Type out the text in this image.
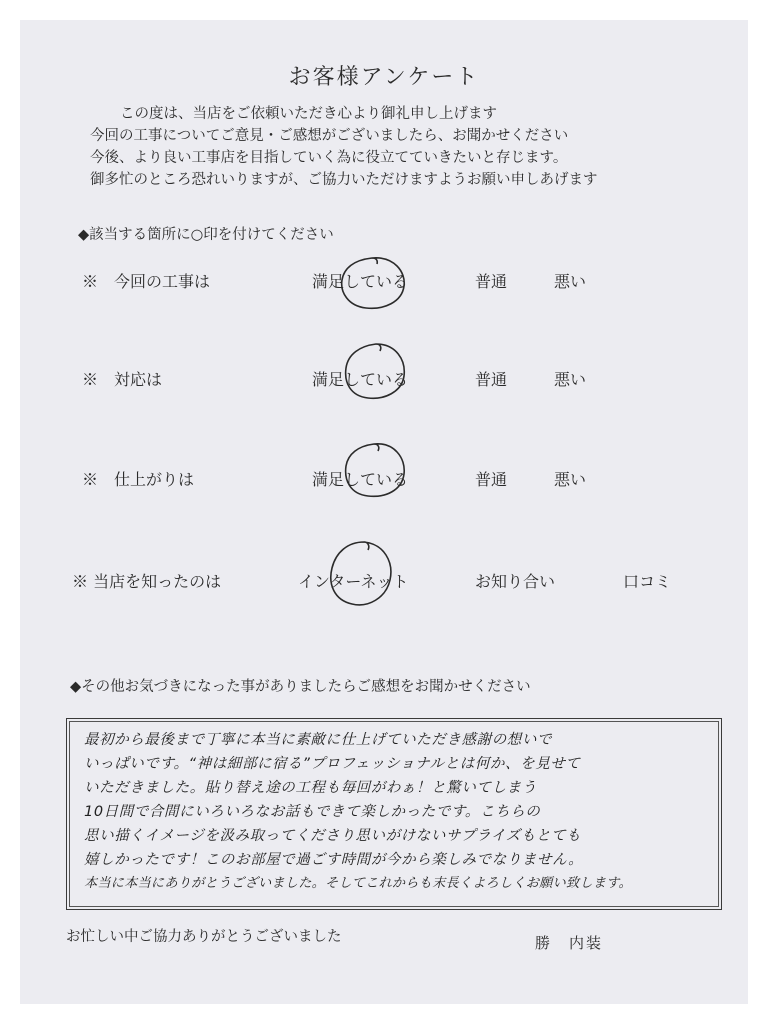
お客様アンケート
この度は、当店をご依頼いただき心より御礼申し上げます
今回の工事についてご意見・ご感想がございましたら、お聞かせください
今後、より良い工事店を目指していく為に役立てていきたいと存じます。
御多忙のところ恐れいりますが、ご協力いただけますようお願い申しあげます
◆該当する箇所に○印を付けてください
※　今回の工事は	満足している	普通	悪い
※　対応は	満足している	普通	悪い
※　仕上がりは	満足している	普通	悪い
※ 当店を知ったのは	インターネット	お知り合い	口コミ
◆その他お気づきになった事がありましたらご感想をお聞かせください
最初から最後まで丁寧に本当に素敵に仕上げていただき感謝の想いで
いっぱいです。“神は細部に宿る”プロフェッショナルとは何か、を見せて
いただきました。貼り替え途の工程も毎回がわぁ！と驚いてしまう
10日間で合間にいろいろなお話もできて楽しかったです。こちらの
思い描くイメージを汲み取ってくださり思いがけないサプライズもとても
嬉しかったです！このお部屋で過ごす時間が今から楽しみでなりません。
本当に本当にありがとうございました。そしてこれからも末長くよろしくお願い致します。
お忙しい中ご協力ありがとうございました	勝　内装
